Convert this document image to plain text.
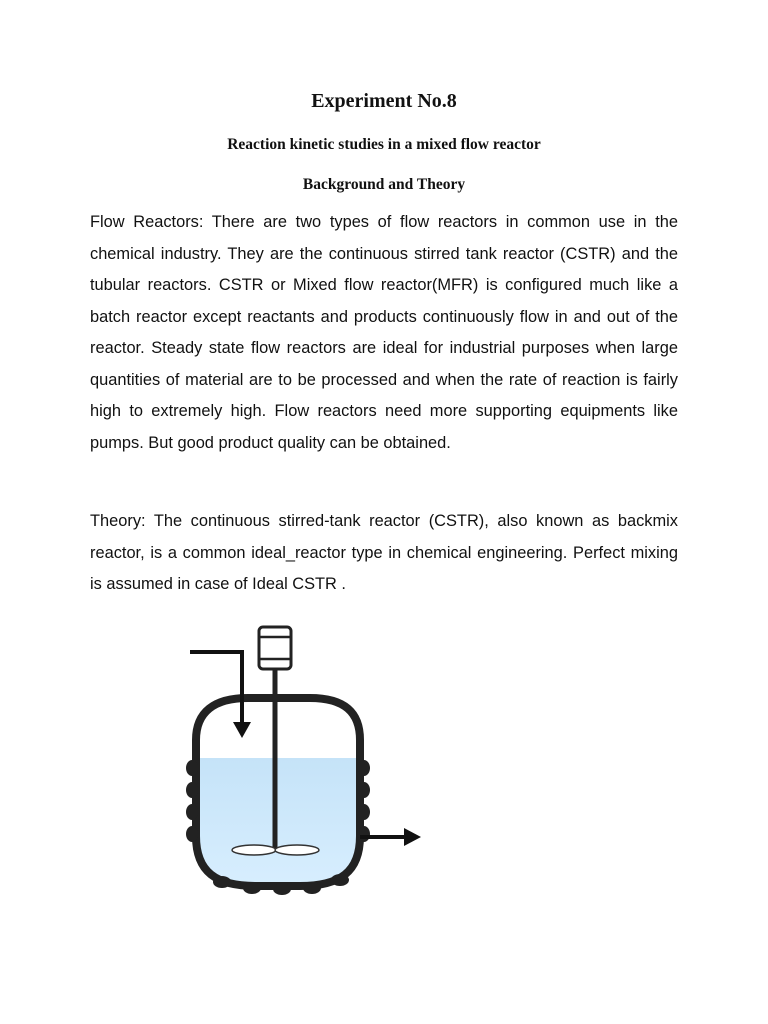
Experiment No.8
Reaction kinetic studies in a mixed flow reactor
Background and Theory

Flow Reactors: There are two types of flow reactors in common use in the chemical industry. They are the continuous stirred tank reactor (CSTR) and the tubular reactors. CSTR or Mixed flow reactor(MFR) is configured much like a batch reactor except reactants and products continuously flow in and out of the reactor. Steady state flow reactors are ideal for industrial purposes when large quantities of material are to be processed and when the rate of reaction is fairly high to extremely high. Flow reactors need more supporting equipments like pumps. But good product quality can be obtained.

Theory: The continuous stirred-tank reactor (CSTR), also known as backmix reactor, is a common ideal_reactor type in chemical engineering. Perfect mixing is assumed in case of Ideal CSTR .
